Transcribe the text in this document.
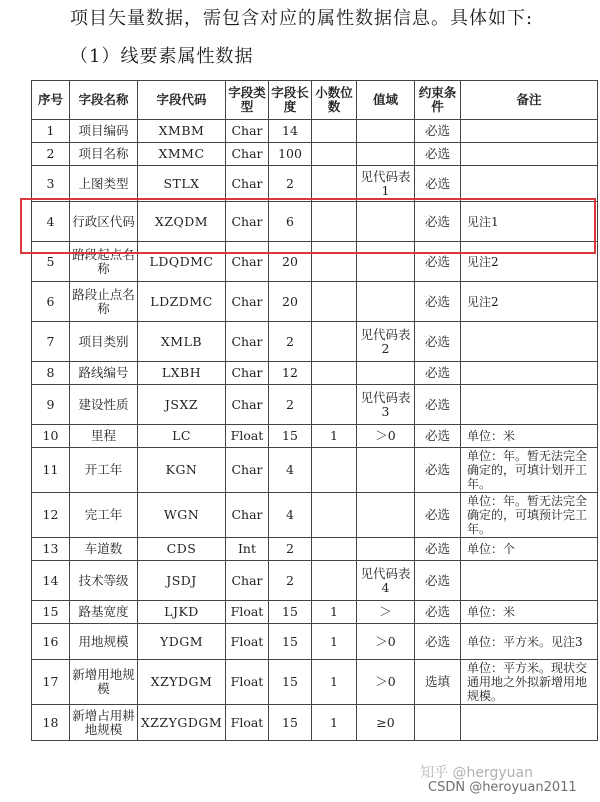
项目矢量数据，需包含对应的属性数据信息。具体如下:
（1）线要素属性数据
序号	字段名称	字段代码	字段类型	字段长度	小数位数	值域	约束条件	备注
1	项目编码	XMBM	Char	14			必选	
2	项目名称	XMMC	Char	100			必选	
3	上图类型	STLX	Char	2		见代码表1	必选	
4	行政区代码	XZQDM	Char	6			必选	见注1
5	路段起点名称	LDQDMC	Char	20			必选	见注2
6	路段止点名称	LDZDMC	Char	20			必选	见注2
7	项目类别	XMLB	Char	2		见代码表2	必选	
8	路线编号	LXBH	Char	12			必选	
9	建设性质	JSXZ	Char	2		见代码表3	必选	
10	里程	LC	Float	15	1	＞0	必选	单位：米
11	开工年	KGN	Char	4			必选	单位：年。暂无法完全确定的，可填计划开工年。
12	完工年	WGN	Char	4			必选	单位：年。暂无法完全确定的，可填预计完工年。
13	车道数	CDS	Int	2			必选	单位：个
14	技术等级	JSDJ	Char	2		见代码表4	必选	
15	路基宽度	LJKD	Float	15	1	＞	必选	单位：米
16	用地规模	YDGM	Float	15	1	＞0	必选	单位：平方米。见注3
17	新增用地规模	XZYDGM	Float	15	1	＞0	选填	单位：平方米。现状交通用地之外拟新增用地规模。
18	新增占用耕地规模	XZZYGDGM	Float	15	1	≥0		
知乎 @hergyuan
CSDN @heroyuan2011
